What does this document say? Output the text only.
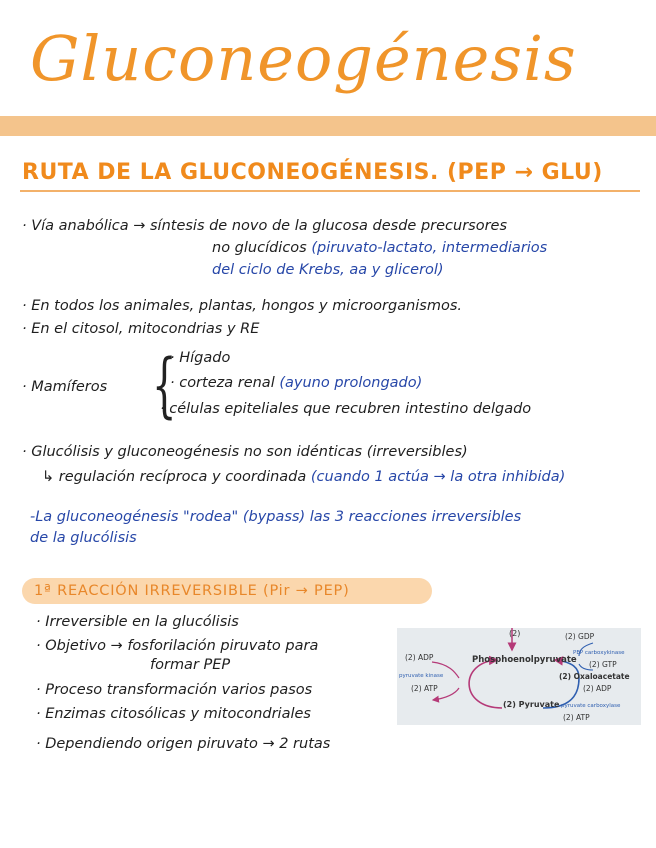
Gluconeogénesis
RUTA DE LA GLUCONEOGÉNESIS. (PEP → GLU)
· Vía anabólica → síntesis de novo de la glucosa desde precursores
no glucídicos (piruvato-lactato, intermediarios
del ciclo de Krebs, aa y glicerol)
· En todos los animales, plantas, hongos y microorganismos.
· En el citosol, mitocondrias y RE
· Mamíferos {
· Hígado
· corteza renal (ayuno prolongado)
· células epiteliales que recubren intestino delgado
· Glucólisis y gluconeogénesis no son idénticas (irreversibles)
↳ regulación recíproca y coordinada (cuando 1 actúa → la otra inhibida)
-La gluconeogénesis "rodea" (bypass) las 3 reacciones irreversibles
de la glucólisis
1ª REACCIÓN IRREVERSIBLE (Pir → PEP)
· Irreversible en la glucólisis
· Objetivo → fosforilación piruvato para
formar PEP
· Proceso transformación varios pasos
· Enzimas citosólicas y mitocondriales
· Dependiendo origen piruvato → 2 rutas
(2)
(2) ADP
pyruvate kinase
(2) ATP
Phosphoenolpyruvate
(2) GDP
PEP carboxykinase
(2) GTP
(2) Oxaloacetate
(2) ADP
(2) Pyruvate pyruvate carboxylase
(2) ATP
